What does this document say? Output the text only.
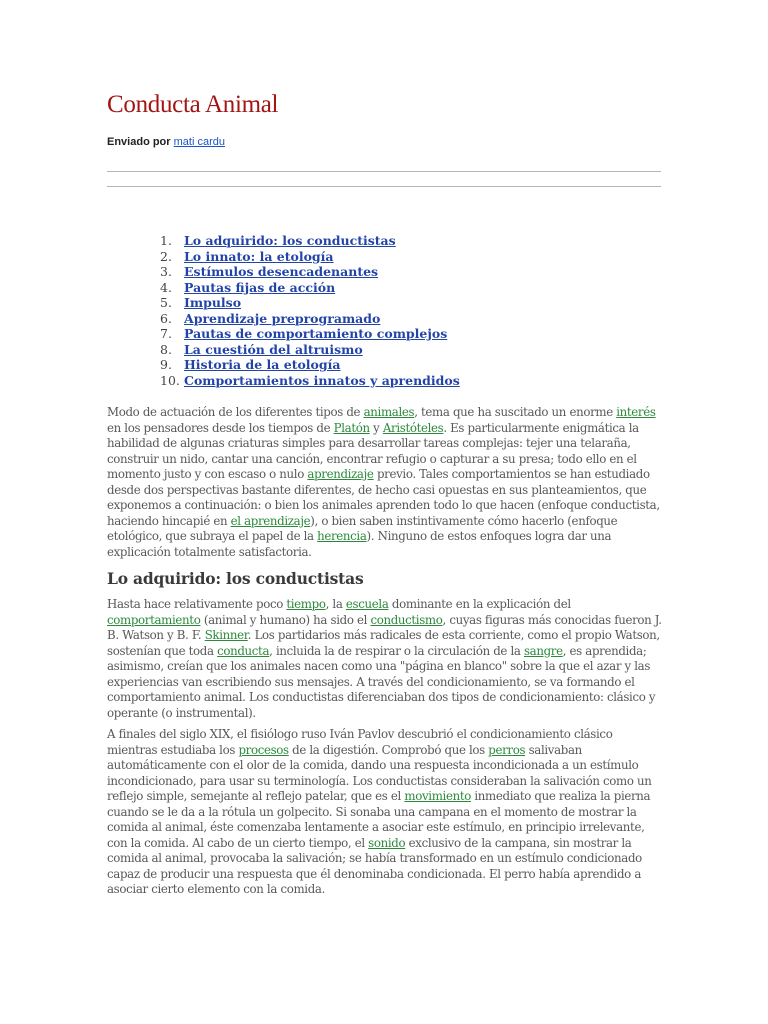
Conducta Animal
Enviado por mati cardu
1. Lo adquirido: los conductistas
2. Lo innato: la etología
3. Estímulos desencadenantes
4. Pautas fijas de acción
5. Impulso
6. Aprendizaje preprogramado
7. Pautas de comportamiento complejos
8. La cuestión del altruismo
9. Historia de la etología
10. Comportamientos innatos y aprendidos

Modo de actuación de los diferentes tipos de animales, tema que ha suscitado un enorme interés en los pensadores desde los tiempos de Platón y Aristóteles. Es particularmente enigmática la habilidad de algunas criaturas simples para desarrollar tareas complejas: tejer una telaraña, construir un nido, cantar una canción, encontrar refugio o capturar a su presa; todo ello en el momento justo y con escaso o nulo aprendizaje previo. Tales comportamientos se han estudiado desde dos perspectivas bastante diferentes, de hecho casi opuestas en sus planteamientos, que exponemos a continuación: o bien los animales aprenden todo lo que hacen (enfoque conductista, haciendo hincapié en el aprendizaje), o bien saben instintivamente cómo hacerlo (enfoque etológico, que subraya el papel de la herencia). Ninguno de estos enfoques logra dar una explicación totalmente satisfactoria.

Lo adquirido: los conductistas

Hasta hace relativamente poco tiempo, la escuela dominante en la explicación del comportamiento (animal y humano) ha sido el conductismo, cuyas figuras más conocidas fueron J. B. Watson y B. F. Skinner. Los partidarios más radicales de esta corriente, como el propio Watson, sostenían que toda conducta, incluida la de respirar o la circulación de la sangre, es aprendida; asimismo, creían que los animales nacen como una "página en blanco" sobre la que el azar y las experiencias van escribiendo sus mensajes. A través del condicionamiento, se va formando el comportamiento animal. Los conductistas diferenciaban dos tipos de condicionamiento: clásico y operante (o instrumental).

A finales del siglo XIX, el fisiólogo ruso Iván Pavlov descubrió el condicionamiento clásico mientras estudiaba los procesos de la digestión. Comprobó que los perros salivaban automáticamente con el olor de la comida, dando una respuesta incondicionada a un estímulo incondicionado, para usar su terminología. Los conductistas consideraban la salivación como un reflejo simple, semejante al reflejo patelar, que es el movimiento inmediato que realiza la pierna cuando se le da a la rótula un golpecito. Si sonaba una campana en el momento de mostrar la comida al animal, éste comenzaba lentamente a asociar este estímulo, en principio irrelevante, con la comida. Al cabo de un cierto tiempo, el sonido exclusivo de la campana, sin mostrar la comida al animal, provocaba la salivación; se había transformado en un estímulo condicionado capaz de producir una respuesta que él denominaba condicionada. El perro había aprendido a asociar cierto elemento con la comida.
